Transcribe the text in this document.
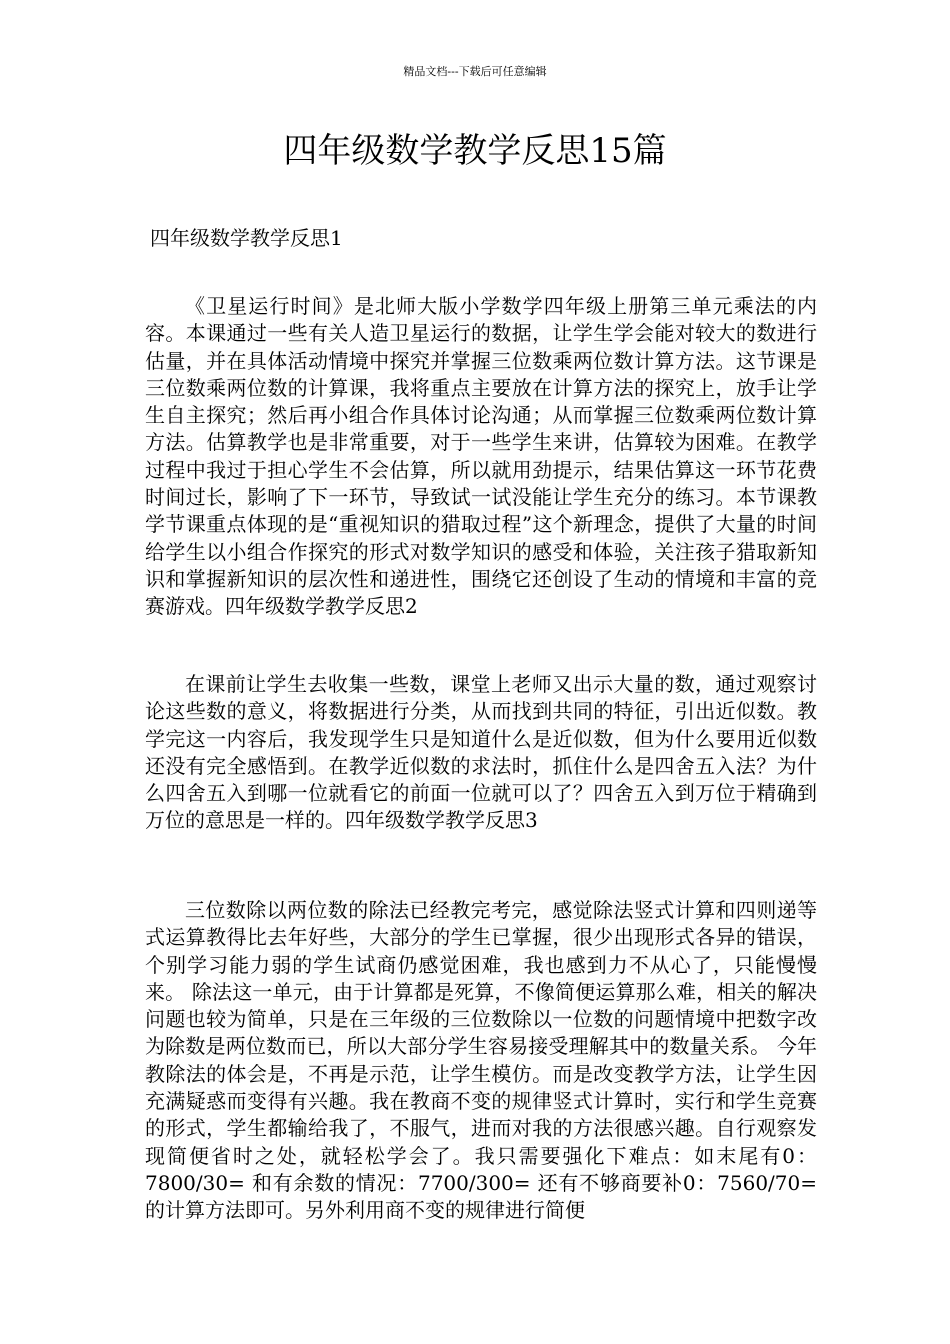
精品文档---下载后可任意编辑
四年级数学教学反思15篇
四年级数学教学反思1

《卫星运行时间》是北师大版小学数学四年级上册第三单元乘法的内容。本课通过一些有关人造卫星运行的数据，让学生学会能对较大的数进行估量，并在具体活动情境中探究并掌握三位数乘两位数计算方法。这节课是三位数乘两位数的计算课，我将重点主要放在计算方法的探究上，放手让学生自主探究；然后再小组合作具体讨论沟通；从而掌握三位数乘两位数计算方法。估算教学也是非常重要，对于一些学生来讲，估算较为困难。在教学过程中我过于担心学生不会估算，所以就用劲提示，结果估算这一环节花费时间过长，影响了下一环节，导致试一试没能让学生充分的练习。本节课教学节课重点体现的是“重视知识的猎取过程”这个新理念，提供了大量的时间给学生以小组合作探究的形式对数学知识的感受和体验，关注孩子猎取新知识和掌握新知识的层次性和递进性，围绕它还创设了生动的情境和丰富的竞赛游戏。四年级数学教学反思2

在课前让学生去收集一些数，课堂上老师又出示大量的数，通过观察讨论这些数的意义，将数据进行分类，从而找到共同的特征，引出近似数。教学完这一内容后，我发现学生只是知道什么是近似数，但为什么要用近似数还没有完全感悟到。在教学近似数的求法时，抓住什么是四舍五入法？为什么四舍五入到哪一位就看它的前面一位就可以了？四舍五入到万位于精确到万位的意思是一样的。四年级数学教学反思3

三位数除以两位数的除法已经教完考完，感觉除法竖式计算和四则递等式运算教得比去年好些，大部分的学生已掌握，很少出现形式各异的错误，个别学习能力弱的学生试商仍感觉困难，我也感到力不从心了，只能慢慢来。 除法这一单元，由于计算都是死算，不像简便运算那么难，相关的解决问题也较为简单，只是在三年级的三位数除以一位数的问题情境中把数字改为除数是两位数而已，所以大部分学生容易接受理解其中的数量关系。 今年教除法的体会是，不再是示范，让学生模仿。而是改变教学方法，让学生因充满疑惑而变得有兴趣。我在教商不变的规律竖式计算时，实行和学生竞赛的形式，学生都输给我了，不服气，进而对我的方法很感兴趣。自行观察发现简便省时之处，就轻松学会了。我只需要强化下难点：如末尾有0：7800/30= 和有余数的情况：7700/300= 还有不够商要补0：7560/70= 的计算方法即可。另外利用商不变的规律进行简便
